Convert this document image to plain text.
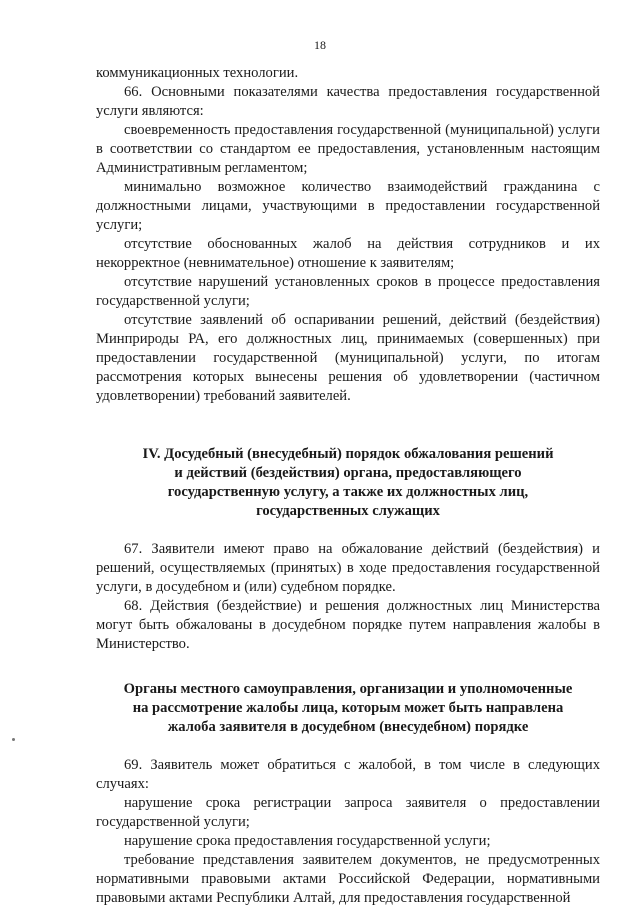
18

коммуникационных технологии.

66. Основными показателями качества предоставления государственной услуги являются:

своевременность предоставления государственной (муниципальной) услуги в соответствии со стандартом ее предоставления, установленным настоящим Административным регламентом;

минимально возможное количество взаимодействий гражданина с должностными лицами, участвующими в предоставлении государственной услуги;

отсутствие обоснованных жалоб на действия сотрудников и их некорректное (невнимательное) отношение к заявителям;

отсутствие нарушений установленных сроков в процессе предоставления государственной услуги;

отсутствие заявлений об оспаривании решений, действий (бездействия) Минприроды РА, его должностных лиц, принимаемых (совершенных) при предоставлении государственной (муниципальной) услуги, по итогам рассмотрения которых вынесены решения об удовлетворении (частичном удовлетворении) требований заявителей.

IV. Досудебный (внесудебный) порядок обжалования решений

и действий (бездействия) органа, предоставляющего

государственную услугу, а также их должностных лиц,

государственных служащих

67. Заявители имеют право на обжалование действий (бездействия) и решений, осуществляемых (принятых) в ходе предоставления государственной услуги, в досудебном и (или) судебном порядке.

68. Действия (бездействие) и решения должностных лиц Министерства могут быть обжалованы в досудебном порядке путем направления жалобы в Министерство.

Органы местного самоуправления, организации и уполномоченные

на рассмотрение жалобы лица, которым может быть направлена

жалоба заявителя в досудебном (внесудебном) порядке

69. Заявитель может обратиться с жалобой, в том числе в следующих случаях:

нарушение срока регистрации запроса заявителя о предоставлении государственной услуги;

нарушение срока предоставления государственной услуги;

требование представления заявителем документов, не предусмотренных нормативными правовыми актами Российской Федерации, нормативными правовыми актами Республики Алтай, для предоставления государственной
